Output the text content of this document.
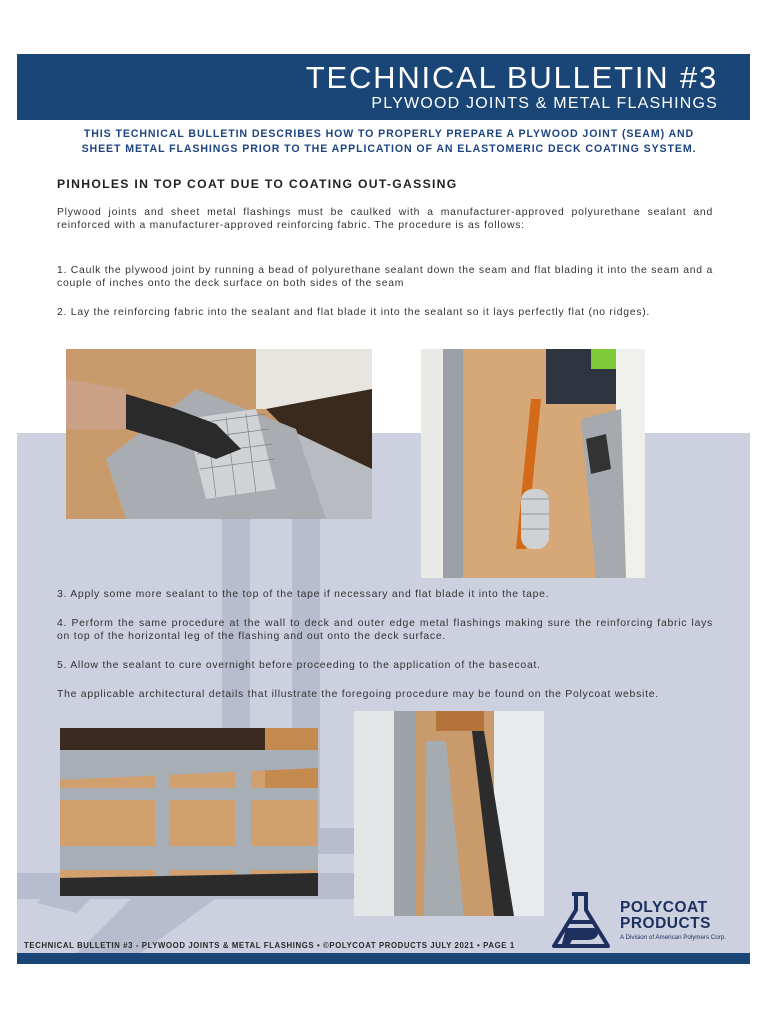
TECHNICAL BULLETIN #3
PLYWOOD JOINTS & METAL FLASHINGS
THIS TECHNICAL BULLETIN DESCRIBES HOW TO PROPERLY PREPARE A PLYWOOD JOINT (SEAM) AND
SHEET METAL FLASHINGS PRIOR TO THE APPLICATION OF AN ELASTOMERIC DECK COATING SYSTEM.
PINHOLES IN TOP COAT DUE TO COATING OUT-GASSING
Plywood joints and sheet metal flashings must be caulked with a manufacturer-approved polyurethane sealant and reinforced with a manufacturer-approved reinforcing fabric. The procedure is as follows:
1. Caulk the plywood joint by running a bead of polyurethane sealant down the seam and flat blading it into the seam and a couple of inches onto the deck surface on both sides of the seam
2. Lay the reinforcing fabric into the sealant and flat blade it into the sealant so it lays perfectly flat (no ridges).
3. Apply some more sealant to the top of the tape if necessary and flat blade it into the tape.
4. Perform the same procedure at the wall to deck and outer edge metal flashings making sure the reinforcing fabric lays on top of the horizontal leg of the flashing and out onto the deck surface.
5. Allow the sealant to cure overnight before proceeding to the application of the basecoat.
The applicable architectural details that illustrate the foregoing procedure may be found on the Polycoat website.
TECHNICAL BULLETIN #3 - PLYWOOD JOINTS & METAL FLASHINGS • ©POLYCOAT PRODUCTS JULY 2021 • PAGE 1
POLYCOAT
PRODUCTS
A Division of American Polymers Corp.
